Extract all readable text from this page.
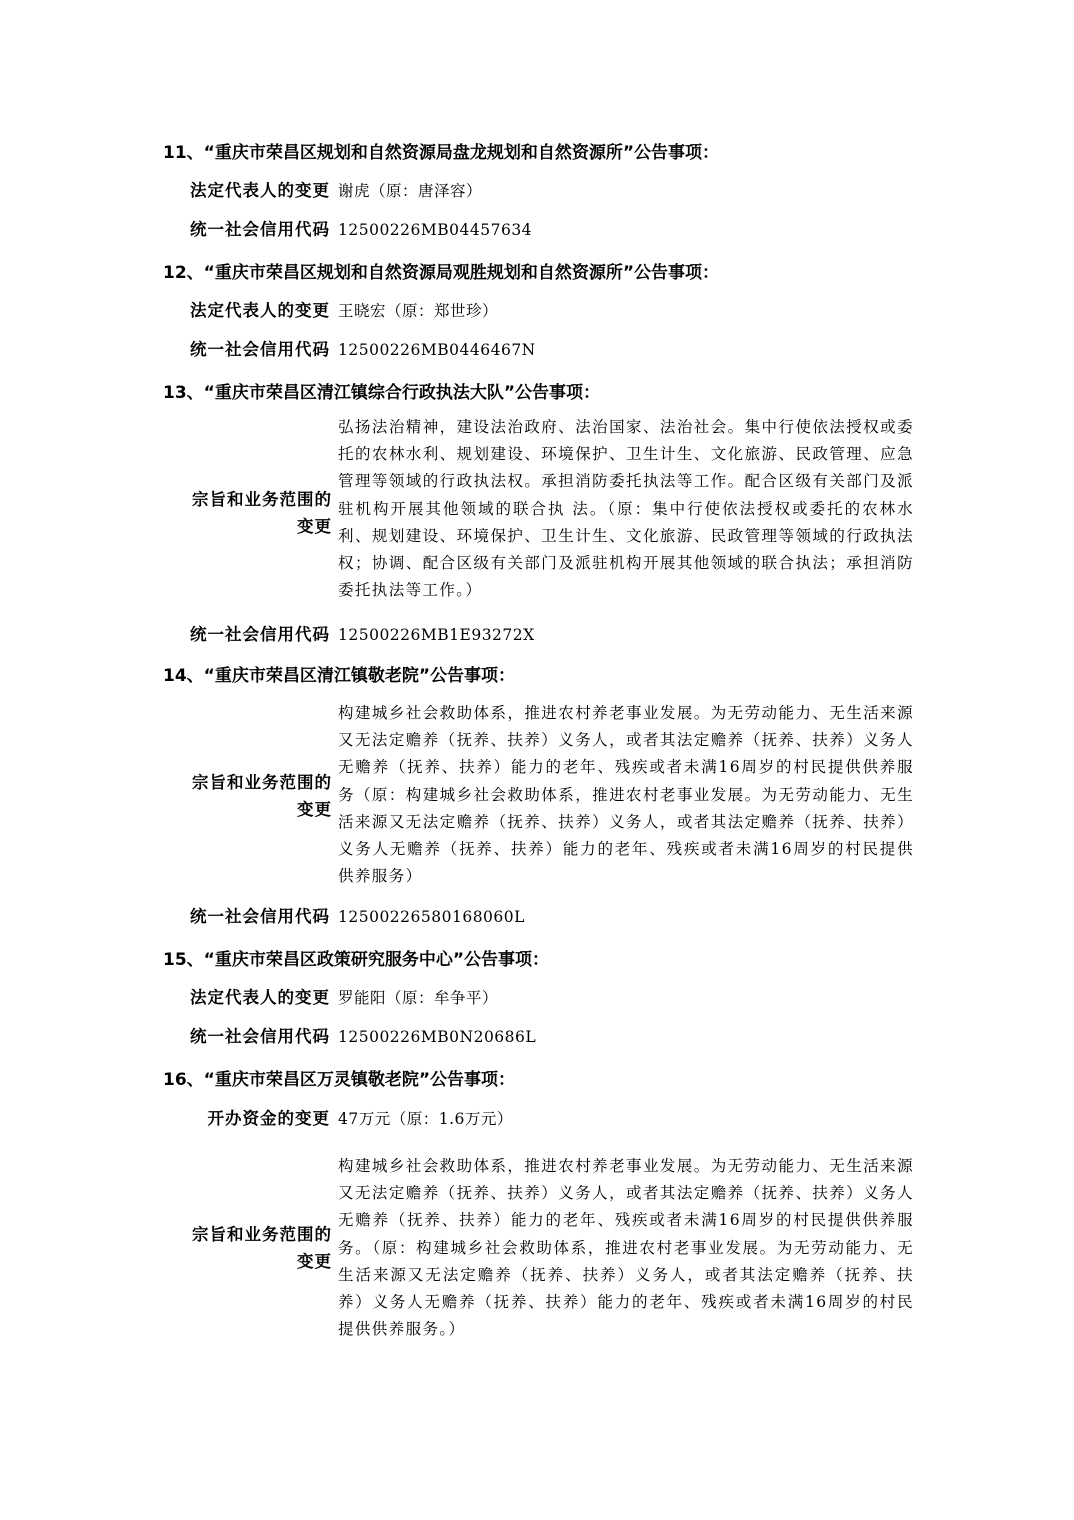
11、“重庆市荣昌区规划和自然资源局盘龙规划和自然资源所”公告事项：
法定代表人的变更 谢虎（原：唐泽容）
统一社会信用代码 12500226MB04457634
12、“重庆市荣昌区规划和自然资源局观胜规划和自然资源所”公告事项：
法定代表人的变更 王晓宏（原：郑世珍）
统一社会信用代码 12500226MB0446467N
13、“重庆市荣昌区清江镇综合行政执法大队”公告事项：
宗旨和业务范围的
变更

弘扬法治精神，建设法治政府、法治国家、法治社会。集中行使依法授权或委托的农林水利、规划建设、环境保护、卫生计生、文化旅游、民政管理、应急管理等领域的行政执法权。承担消防委托执法等工作。配合区级有关部门及派驻机构开展其他领域的联合执 法。（原：集中行使依法授权或委托的农林水利、规划建设、环境保护、卫生计生、文化旅游、民政管理等领域的行政执法权；协调、配合区级有关部门及派驻机构开展其他领域的联合执法；承担消防委托执法等工作。）

统一社会信用代码 12500226MB1E93272X
14、“重庆市荣昌区清江镇敬老院”公告事项：
宗旨和业务范围的
变更

构建城乡社会救助体系，推进农村养老事业发展。为无劳动能力、无生活来源又无法定赡养（抚养、扶养）义务人，或者其法定赡养（抚养、扶养）义务人无赡养（抚养、扶养）能力的老年、残疾或者未满16周岁的村民提供供养服务（原：构建城乡社会救助体系，推进农村老事业发展。为无劳动能力、无生活来源又无法定赡养（抚养、扶养）义务人，或者其法定赡养（抚养、扶养）义务人无赡养（抚养、扶养）能力的老年、残疾或者未满16周岁的村民提供供养服务）

统一社会信用代码 12500226580168060L
15、“重庆市荣昌区政策研究服务中心”公告事项：
法定代表人的变更 罗能阳（原：牟争平）
统一社会信用代码 12500226MB0N20686L
16、“重庆市荣昌区万灵镇敬老院”公告事项：
开办资金的变更 47万元（原：1.6万元）
宗旨和业务范围的
变更

构建城乡社会救助体系，推进农村养老事业发展。为无劳动能力、无生活来源又无法定赡养（抚养、扶养）义务人，或者其法定赡养（抚养、扶养）义务人无赡养（抚养、扶养）能力的老年、残疾或者未满16周岁的村民提供供养服务。（原：构建城乡社会救助体系，推进农村老事业发展。为无劳动能力、无生活来源又无法定赡养（抚养、扶养）义务人，或者其法定赡养（抚养、扶养）义务人无赡养（抚养、扶养）能力的老年、残疾或者未满16周岁的村民提供供养服务。）
